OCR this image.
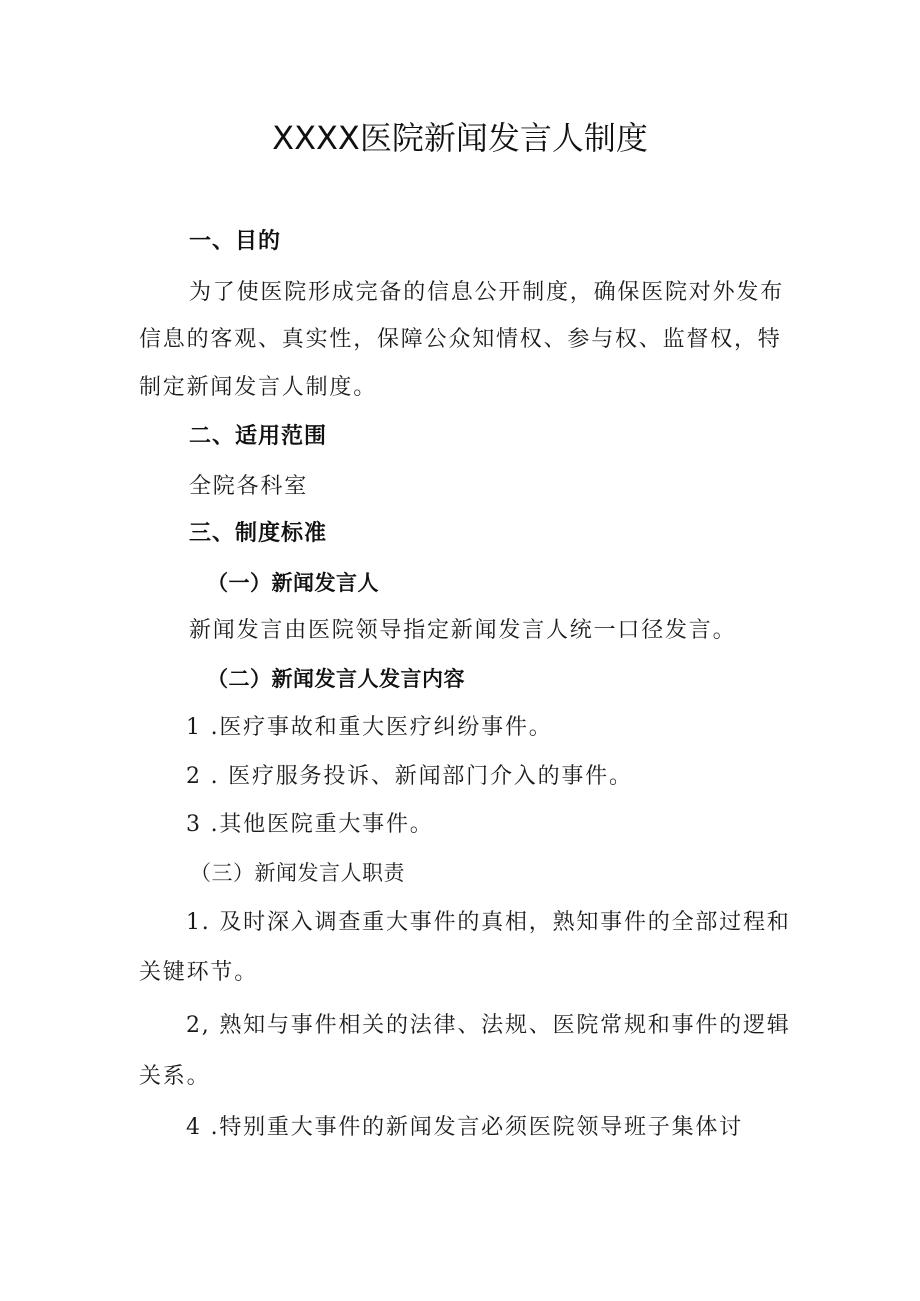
XXXX医院新闻发言人制度
一、目的
为了使医院形成完备的信息公开制度，确保医院对外发布
信息的客观、真实性，保障公众知情权、参与权、监督权，特
制定新闻发言人制度。
二、适用范围
全院各科室
三、制度标准
（一）新闻发言人
新闻发言由医院领导指定新闻发言人统一口径发言。
（二）新闻发言人发言内容
1 .医疗事故和重大医疗纠纷事件。
2 . 医疗服务投诉、新闻部门介入的事件。
3 .其他医院重大事件。
（三）新闻发言人职责
1. 及时深入调查重大事件的真相，熟知事件的全部过程和
关键环节。
2, 熟知与事件相关的法律、法规、医院常规和事件的逻辑
关系。
4 .特别重大事件的新闻发言必须医院领导班子集体讨
